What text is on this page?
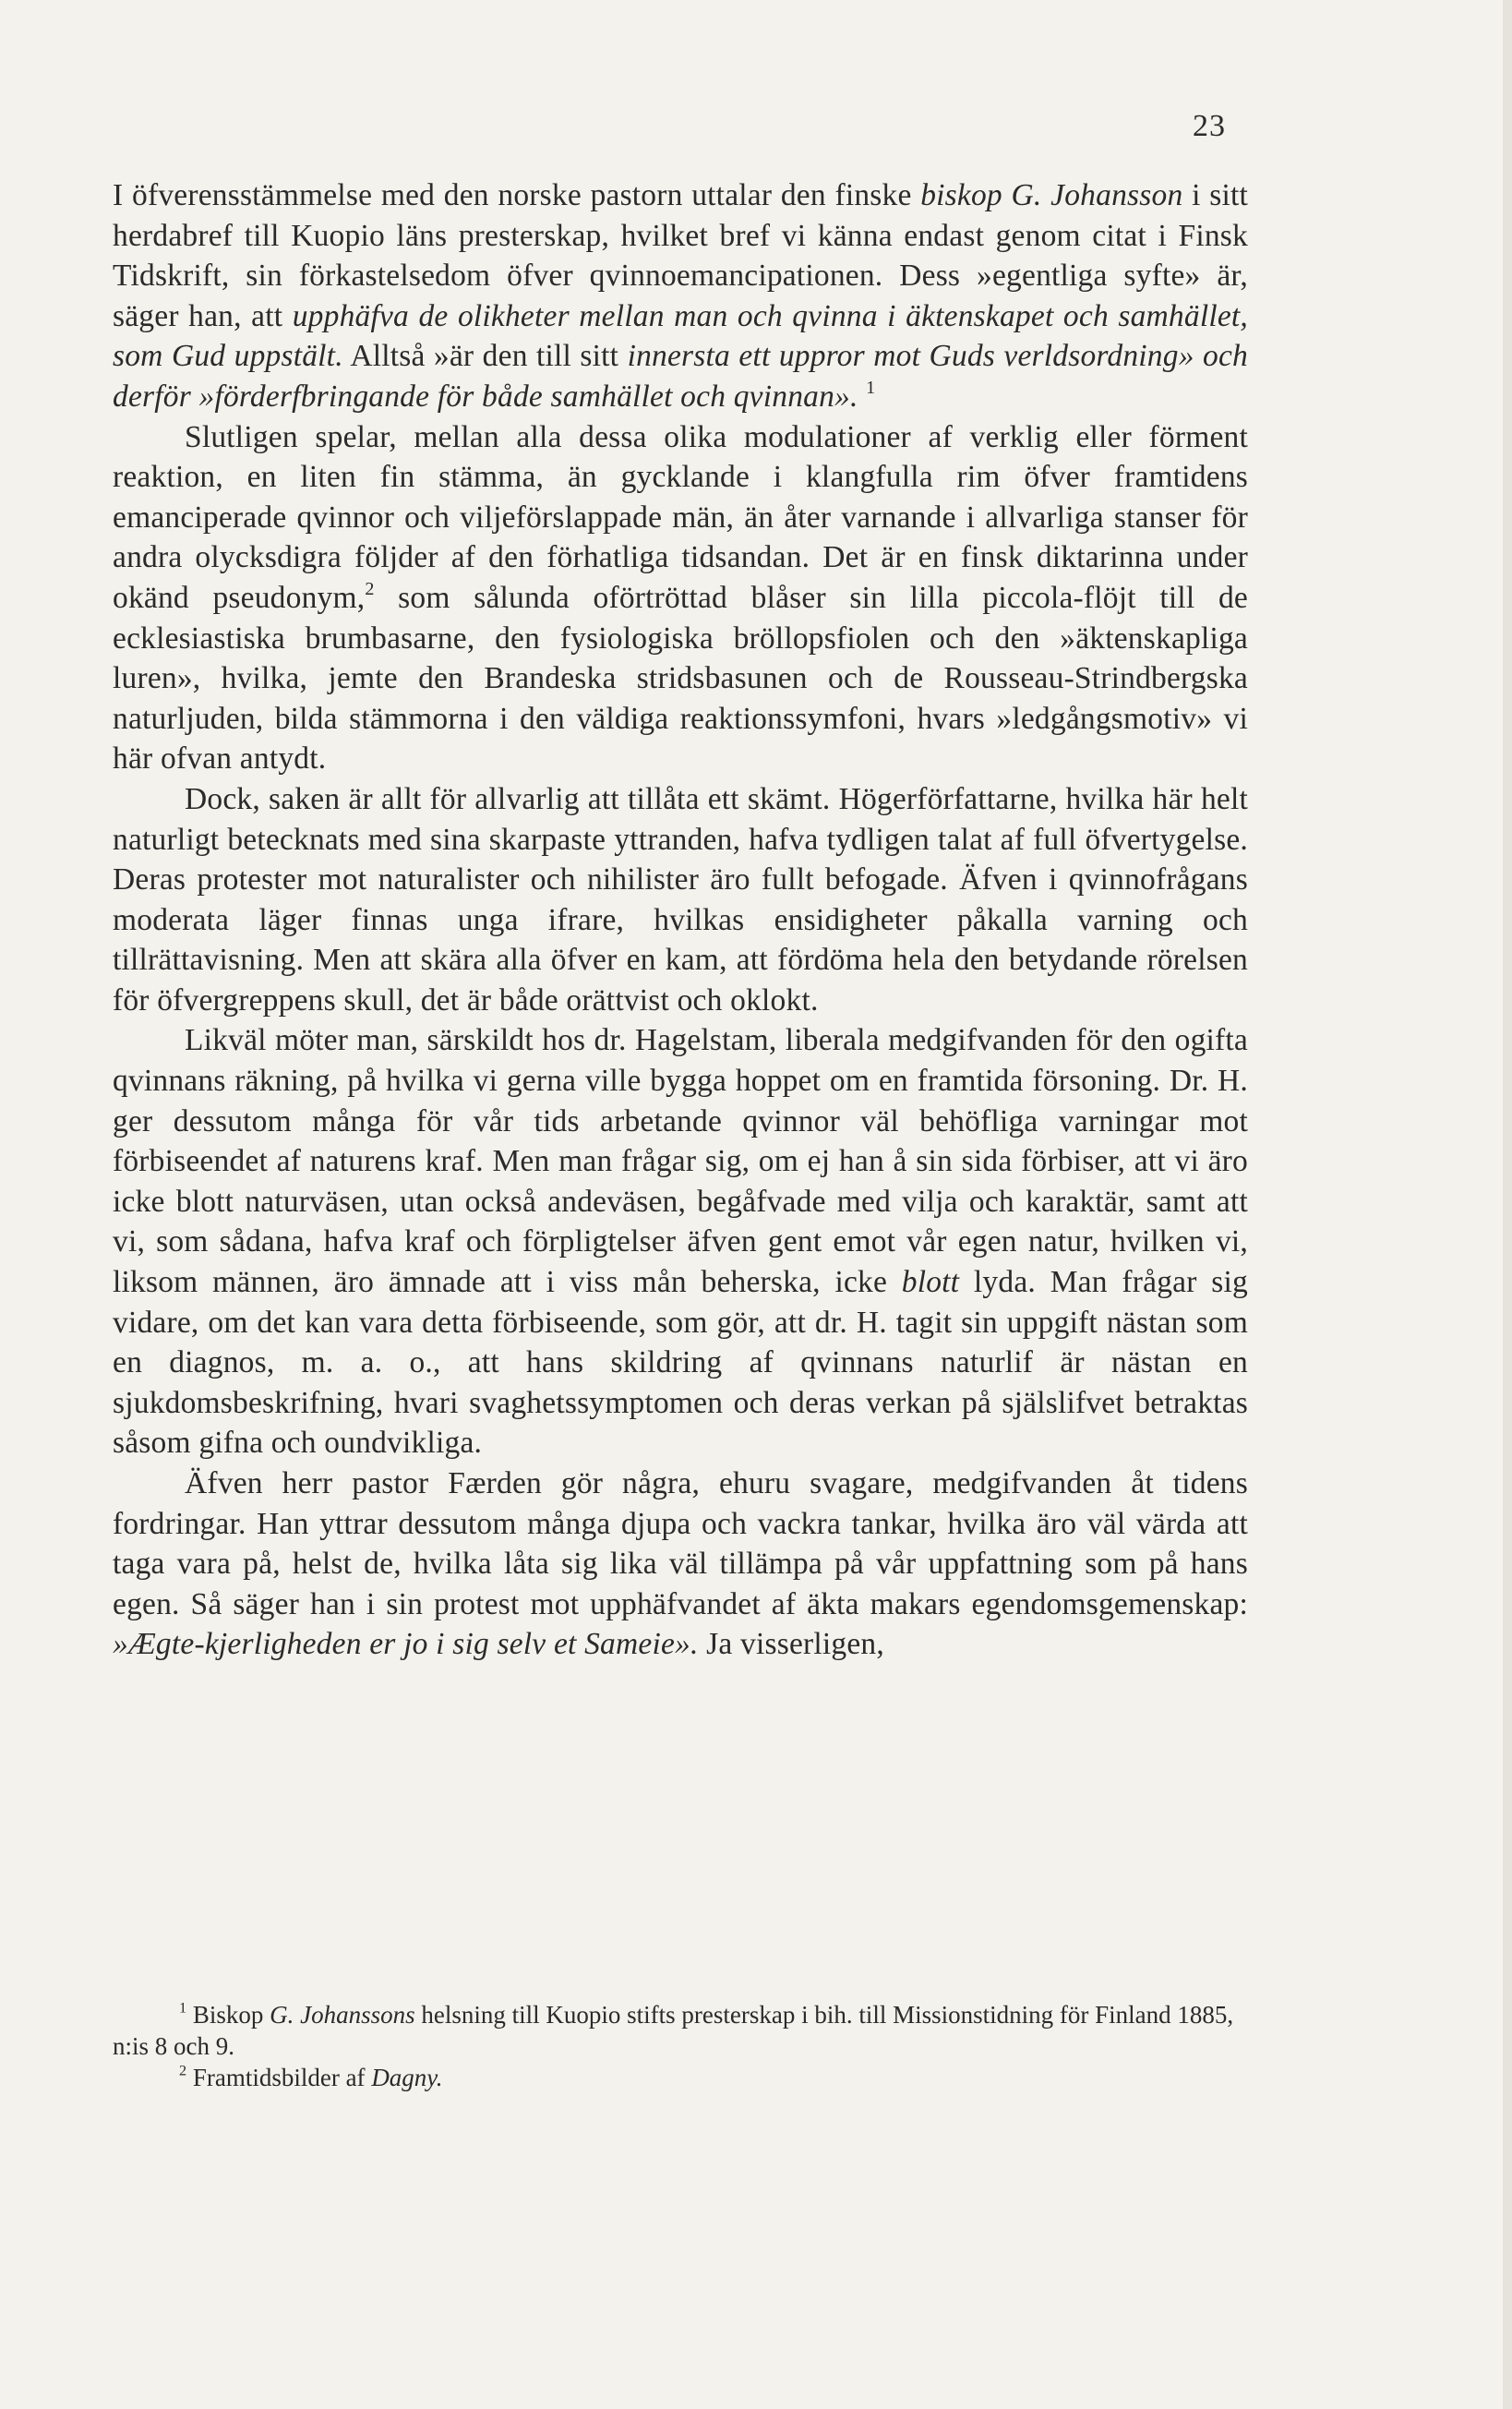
23

I öfverensstämmelse med den norske pastorn uttalar den finske biskop G. Johansson i sitt herdabref till Kuopio läns presterskap, hvilket bref vi känna endast genom citat i Finsk Tidskrift, sin förkastelsedom öfver qvinnoemancipationen. Dess »egentliga syfte» är, säger han, att upphäfva de olikheter mellan man och qvinna i äktenskapet och samhället, som Gud uppstält. Alltså »är den till sitt innersta ett uppror mot Guds verldsordning» och derför »förderfbringande för både samhället och qvinnan». $^1$

Slutligen spelar, mellan alla dessa olika modulationer af verklig eller förment reaktion, en liten fin stämma, än gycklande i klangfulla rim öfver framtidens emanciperade qvinnor och viljeförslappade män, än åter varnande i allvarliga stanser för andra olycksdigra följder af den förhatliga tidsandan. Det är en finsk diktarinna under okänd pseudonym,$^2$ som sålunda oförtröttad blåser sin lilla piccola-flöjt till de ecklesiastiska brumbasarne, den fysiologiska bröllopsfiolen och den »äktenskapliga luren», hvilka, jemte den Brandeska stridsbasunen och de Rousseau-Strindbergska naturljuden, bilda stämmorna i den väldiga reaktionssymfoni, hvars »ledgångsmotiv» vi här ofvan antydt.

Dock, saken är allt för allvarlig att tillåta ett skämt. Högerförfattarne, hvilka här helt naturligt betecknats med sina skarpaste yttranden, hafva tydligen talat af full öfvertygelse. Deras protester mot naturalister och nihilister äro fullt befogade. Äfven i qvinnofrågans moderata läger finnas unga ifrare, hvilkas ensidigheter påkalla varning och tillrättavisning. Men att skära alla öfver en kam, att fördöma hela den betydande rörelsen för öfvergreppens skull, det är både orättvist och oklokt.

Likväl möter man, särskildt hos dr. Hagelstam, liberala medgifvanden för den ogifta qvinnans räkning, på hvilka vi gerna ville bygga hoppet om en framtida försoning. Dr. H. ger dessutom många för vår tids arbetande qvinnor väl behöfliga varningar mot förbiseendet af naturens kraf. Men man frågar sig, om ej han å sin sida förbiser, att vi äro icke blott naturväsen, utan också andeväsen, begåfvade med vilja och karaktär, samt att vi, som sådana, hafva kraf och förpligtelser äfven gent emot vår egen natur, hvilken vi, liksom männen, äro ämnade att i viss mån beherska, icke blott lyda. Man frågar sig vidare, om det kan vara detta förbiseende, som gör, att dr. H. tagit sin uppgift nästan som en diagnos, m. a. o., att hans skildring af qvinnans naturlif är nästan en sjukdomsbeskrifning, hvari svaghetssymptomen och deras verkan på själslifvet betraktas såsom gifna och oundvikliga.

Äfven herr pastor Færden gör några, ehuru svagare, medgifvanden åt tidens fordringar. Han yttrar dessutom många djupa och vackra tankar, hvilka äro väl värda att taga vara på, helst de, hvilka låta sig lika väl tillämpa på vår uppfattning som på hans egen. Så säger han i sin protest mot upphäfvandet af äkta makars egendomsgemenskap: »Ægte-kjerligheden er jo i sig selv et Sameie». Ja visserligen,

$^1$ Biskop G. Johanssons helsning till Kuopio stifts presterskap i bih. till Missionstidning för Finland 1885, n:is 8 och 9.

$^2$ Framtidsbilder af Dagny.
